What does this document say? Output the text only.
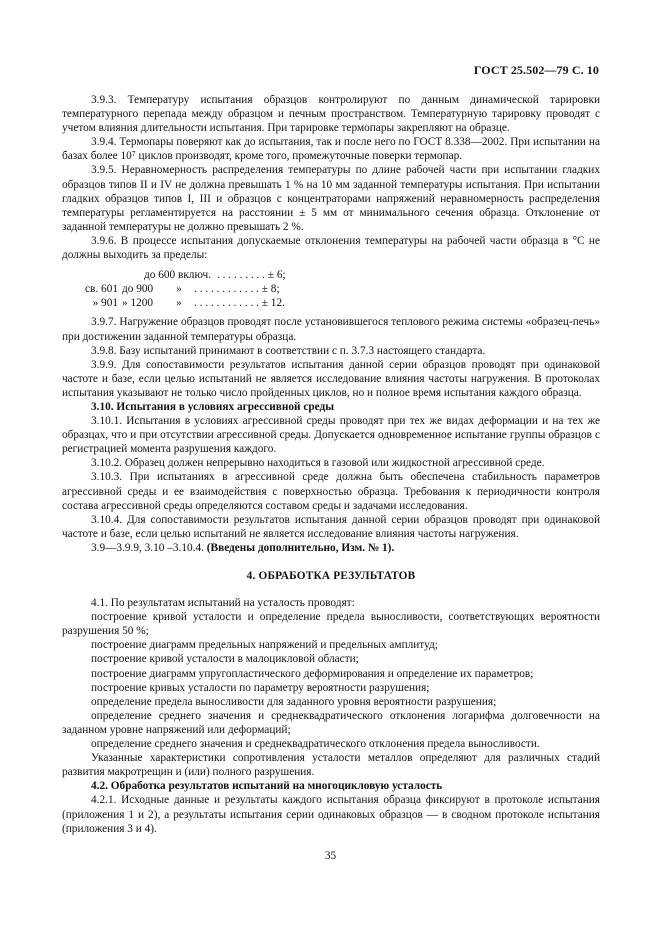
ГОСТ 25.502—79 С. 10

3.9.3. Температуру испытания образцов контролируют по данным динамической тарировки температурного перепада между образцом и печным пространством. Температурную тарировку проводят с учетом влияния длительности испытания. При тарировке термопары закрепляют на образце.

3.9.4. Термопары поверяют как до испытания, так и после него по ГОСТ 8.338—2002. При испытании на базах более 10⁷ циклов производят, кроме того, промежуточные поверки термопар.

3.9.5. Неравномерность распределения температуры по длине рабочей части при испытании гладких образцов типов II и IV не должна превышать 1 % на 10 мм заданной температуры испытания. При испытании гладких образцов типов I, III и образцов с концентраторами напряжений неравномерность распределения температуры регламентируется на расстоянии ± 5 мм от минимального сечения образца. Отклонение от заданной температуры не должно превышать 2 %.

3.9.6. В процессе испытания допускаемые отклонения температуры на рабочей части образца в °С не должны выходить за пределы:

до 600 включ. . . . . . . . . . ± 6;
св. 601 до 900	»	. . . . . . . . . . . . ± 8;
» 901 » 1200	»	. . . . . . . . . . . . ± 12.

3.9.7. Нагружение образцов проводят после установившегося теплового режима системы «образец-печь» при достижении заданной температуры образца.

3.9.8. Базу испытаний принимают в соответствии с п. 3.7.3 настоящего стандарта.

3.9.9. Для сопоставимости результатов испытания данной серии образцов проводят при одинаковой частоте и базе, если целью испытаний не является исследование влияния частоты нагружения. В протоколах испытания указывают не только число пройденных циклов, но и полное время испытания каждого образца.

3.10. Испытания в условиях агрессивной среды

3.10.1. Испытания в условиях агрессивной среды проводят при тех же видах деформации и на тех же образцах, что и при отсутствии агрессивной среды. Допускается одновременное испытание группы образцов с регистрацией момента разрушения каждого.

3.10.2. Образец должен непрерывно находиться в газовой или жидкостной агрессивной среде.

3.10.3. При испытаниях в агрессивной среде должна быть обеспечена стабильность параметров агрессивной среды и ее взаимодействия с поверхностью образца. Требования к периодичности контроля состава агрессивной среды определяются составом среды и задачами исследования.

3.10.4. Для сопоставимости результатов испытания данной серии образцов проводят при одинаковой частоте и базе, если целью испытаний не является исследование влияния частоты нагружения.

3.9—3.9.9, 3.10 –3.10.4. (Введены дополнительно, Изм. № 1).

4. ОБРАБОТКА РЕЗУЛЬТАТОВ

4.1. По результатам испытаний на усталость проводят:

построение кривой усталости и определение предела выносливости, соответствующих вероятности разрушения 50 %;

построение диаграмм предельных напряжений и предельных амплитуд;

построение кривой усталости в малоцикловой области;

построение диаграмм упругопластического деформирования и определение их параметров;

построение кривых усталости по параметру вероятности разрушения;

определение предела выносливости для заданного уровня вероятности разрушения;

определение среднего значения и среднеквадратического отклонения логарифма долговечности на заданном уровне напряжений или деформаций;

определение среднего значения и среднеквадратического отклонения предела выносливости.

Указанные характеристики сопротивления усталости металлов определяют для различных стадий развития макротрещин и (или) полного разрушения.

4.2. Обработка результатов испытаний на многоцикловую усталость

4.2.1. Исходные данные и результаты каждого испытания образца фиксируют в протоколе испытания (приложения 1 и 2), а результаты испытания серии одинаковых образцов — в сводном протоколе испытания (приложения 3 и 4).

35
